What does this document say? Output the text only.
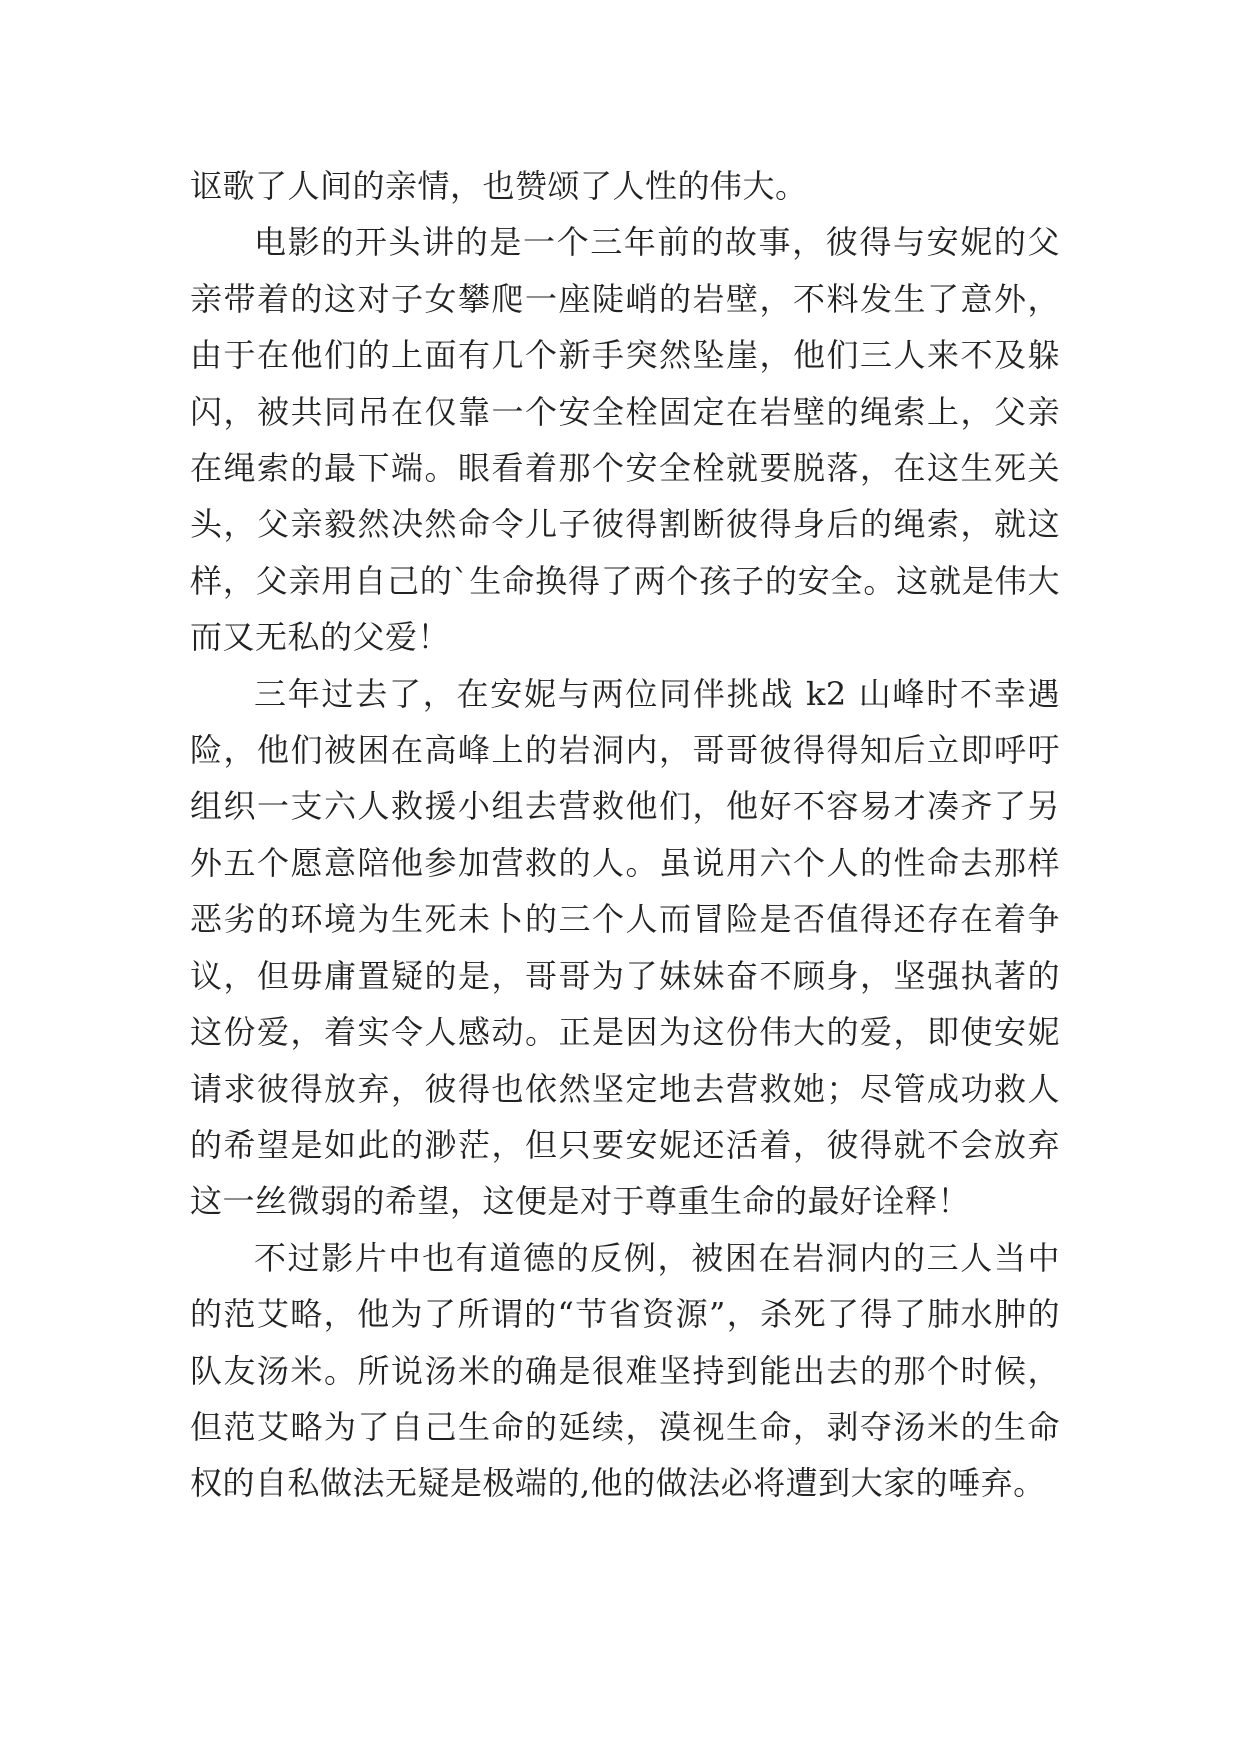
讴歌了人间的亲情，也赞颂了人性的伟大。

电影的开头讲的是一个三年前的故事，彼得与安妮的父亲带着的这对子女攀爬一座陡峭的岩壁，不料发生了意外，由于在他们的上面有几个新手突然坠崖，他们三人来不及躲闪，被共同吊在仅靠一个安全栓固定在岩壁的绳索上，父亲在绳索的最下端。眼看着那个安全栓就要脱落，在这生死关头，父亲毅然决然命令儿子彼得割断彼得身后的绳索，就这样，父亲用自己的`生命换得了两个孩子的安全。这就是伟大而又无私的父爱！

三年过去了，在安妮与两位同伴挑战 k2 山峰时不幸遇险，他们被困在高峰上的岩洞内，哥哥彼得得知后立即呼吁组织一支六人救援小组去营救他们，他好不容易才凑齐了另外五个愿意陪他参加营救的人。虽说用六个人的性命去那样恶劣的环境为生死未卜的三个人而冒险是否值得还存在着争议，但毋庸置疑的是，哥哥为了妹妹奋不顾身，坚强执著的这份爱，着实令人感动。正是因为这份伟大的爱，即使安妮请求彼得放弃，彼得也依然坚定地去营救她；尽管成功救人的希望是如此的渺茫，但只要安妮还活着，彼得就不会放弃这一丝微弱的希望，这便是对于尊重生命的最好诠释！

不过影片中也有道德的反例，被困在岩洞内的三人当中的范艾略，他为了所谓的“节省资源”，杀死了得了肺水肿的队友汤米。所说汤米的确是很难坚持到能出去的那个时候，但范艾略为了自己生命的延续，漠视生命，剥夺汤米的生命权的自私做法无疑是极端的,他的做法必将遭到大家的唾弃。
